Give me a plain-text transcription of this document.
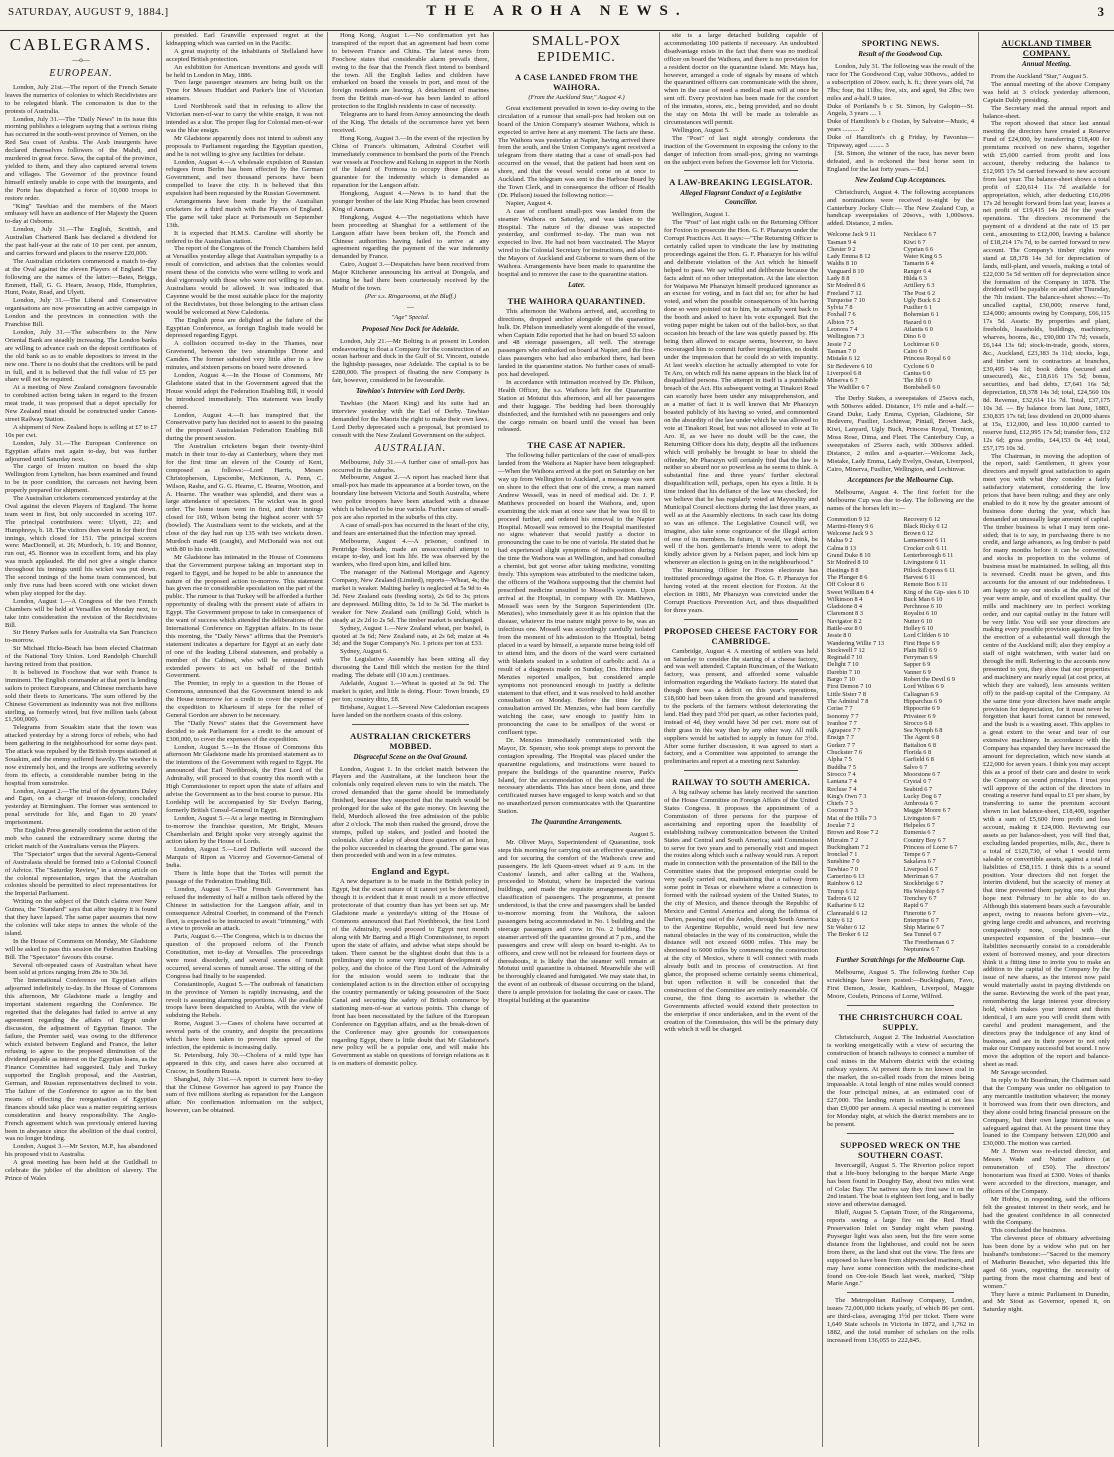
SATURDAY, AUGUST 9, 1884.]	THE AROHA NEWS.	3
CABLEGRAMS.
—o—
EUROPEAN.

London, July 21st.—The report of the French Senate leaves the numerics of colonies to which Recidivistes are to be relegated blank. The concession is due to the protests of Australia.

London, July 31.—The "Daily News" in its issue this morning publishes a telegram saying that a serious rising has occurred in the south-west province of Yemen, on the Red Sea coast of Arabia. The Arab insurgents have declared themselves followers of the Mahdi, and murdered in great force. Sava, the capital of the province, yielded to them, and they also captured several towns and villages. The Governor of the province found himself entirely unable to cope with the insurgents, and the Porte has dispatched a force of 10,000 troops to restore order.

"King" Tawhiao and the members of the Maori embassy will have an audience of Her Majesty the Queen to-day at Osborne.

London, July 31.—The English, Scottish, and Australian Chartered Bank has declared a dividend for the past half-year at the rate of 10 per cent. per annum, and carries forward and places to the reserve £20,000.

The Australian cricketers commenced a match to-day at the Oval against the eleven Players of England. The following are the names of the latter:—Bates, Briggs, Emmett, Hall, G. G. Hearn, Jessop, Hide, Humphries, Hunt, Peate, Read, and Ulyett.

London, July 31.—The Liberal and Conservative organisations are now prosecuting an active campaign in London and the provinces in connection with the Franchise Bill.

London, July 31.—The subscribers to the New Oriental Bank are steadily increasing. The London banks are willing to advance cash on the deposit certificates of the old bank so as to enable depositors to invest in the new one. There is no doubt that the creditors will be paid in full, and it is believed that the full value of £5 per share will not be required.

At a meeting of New Zealand consignors favourable to combined action being taken in regard to the frozen meat trade, it was proposed that a depot specially for New Zealand meat should be constructed under Canon-street Railway Station.

A shipment of New Zealand hops is selling at £7 to £7 10s per cwt.

London, July 31.—The European Conference on Egyptian affairs met again to-day, but was further adjourned until Saturday next.

The cargo of frozen mutton on board the ship Wellington from Lyttelton, has been examined and found to be in poor condition, the carcases not having been properly prepared for shipment.

The Australian cricketers commenced yesterday at the Oval against the eleven Players of England. The home team went in first, but only succeeded in scoring 107. The principal contributors were: Ulyett, 22; and Humphreys, b. 18. The visitors then went in for their first innings, which closed for 151. The principal scorers were: MacDonnell, st. 26; Murdoch, b. 19; and Bonnor, run out, 45. Bonnor was in excellent form, and his play was much applauded. He did not give a single chance throughout his innings until his wicket was put down. The second innings of the home team commenced, but only five runs had been scored with one wicket down when play stopped for the day.

London, August 1.—A Congress of the two French Chambers will be held at Versailles on Monday next, to take into consideration the revision of the Recidivistes Bill.

Sir Henry Parkes sails for Australia via San Francisco to-morrow.

Sir Michael Hicks-Beach has been elected Chairman of the National Tory Union. Lord Randolph Churchill having retired from that position.

It is believed in Foochow that war with France is imminent. The English commander at that port is lending sailors to protect Europeans, and Chinese merchants have sold their fleets to Americans. The sum offered by the Chinese Government as indemnity was not five millions sterling, as formerly wired, but five million taels (about £1,500,000).

Telegrams from Souakim state that the town was attacked yesterday by a strong force of rebels, who had been gathering in the neighbourhood for some days past. The attack was repulsed by the British troops stationed at Souakim, and the enemy suffered heavily. The weather is now extremely hot, and the troops are suffering severely from its effects, a considerable number being in the hospital from sunstroke.

London, August 2.—The trial of the dynamiters Daley and Egan, on a charge of treason-felony, concluded yesterday at Birmingham. The former was sentenced to penal servitude for life, and Egan to 20 years' imprisonment.

The English Press generally condemn the action of the mob who caused the extraordinary scene during the cricket match of the Australians versus the Players.

The "Spectator" urges that the several Agents-General of Australasia should be formed into a Colonial Council of Advice. The "Saturday Review," in a strong article on the colonial representation, urges that the Australian colonies should be permitted to elect representatives for the Imperial Parliament.

Writing on the subject of the Dutch claims over New Guinea, the "Standard" says that after inquiry it is found that they have lapsed. The same paper assumes that now the colonies will take steps to annex the whole of the island.

In the House of Commons on Monday, Mr Gladstone will be asked to pass this session the Federation Enabling Bill. The "Spectator" favours this course.

Several oft-repeated cases of Australian wheat have been sold at prices ranging from 28s to 30s 3d.

The International Conference on Egyptian affairs adjourned indefinitely to-day. In the House of Commons this afternoon, Mr Gladstone made a lengthy and important statement regarding the Conference. He regretted that the delegates had failed to arrive at any agreement regarding the affairs of Egypt under discussion, the adjustment of Egyptian finance. The failure, the Premier said, was owing to the difference which existed between England and France, the latter refusing to agree to the proposed diminution of the dividend payable as interest on the Egyptian loans, as the Finance Committee had suggested. Italy and Turkey supported the English proposal, and the Austrian, German, and Russian representatives declined to vote. The failure of the Conference to agree as to the best means of effecting the reorganisation of Egyptian finances should take place was a matter requiring serious consideration and heavy responsibility. The Anglo-French agreement which was previously entered having been in abeyance since the abolition of the dual control, was no longer binding.

London, August 3.—Mr Sexton, M.P., has abandoned his proposed visit to Australia.

A great meeting has been held at the Guildhall to celebrate the jubilee of the abolition of slavery. The Prince of Wales

presided. Earl Granville expressed regret at the kidnapping which was carried on in the Pacific.

A great majority of the inhabitants of Stellaland have accepted British protection.

An exhibition for American inventions and goods will be held in London in May, 1886.

Two large passenger steamers are being built on the Tyne for Messrs Huddart and Parker's line of Victorian steamers.

Lord Northbrook said that in refusing to allow the Victorian men-of-war to carry the white ensign, it was not intended as a slur. The proper flag for Colonial men-of-war was the blue ensign.

Mr Gladstone apparently does not intend to submit any proposals to Parliament regarding the Egyptian question, and he is not willing to give any facilities for debate.

London, August 4.—A wholesale expulsion of Russian refugees from Berlin has been effected by the German Government, and two thousand persons have been compelled to leave the city. It is believed that this expulsion had been requested by the Russian Government.

Arrangements have been made by the Australian cricketers for a third match with the Players of England. The game will take place at Portsmouth on September 13th.

It is expected that H.M.S. Caroline will shortly be ordered to the Australian station.

The report of the Congress of the French Chambers held at Versailles yesterday allege that Australian sympathy is a result of conviction, and advises that the colonies would resent these of the convicts who were willing to work and deal vigorously with those who were not willing to do so. Australians would be allowed. It was indicated that Cayenne would be the most suitable place for the majority of the Recidivistes, but those belonging to the artisan class would be welcomed at New Caledonia.

The English press are delighted at the failure of the Egyptian Conference, as foreign English trade would be depressed regarding Egypt.

A collision occurred to-day in the Thames, near Gravesend, between the two steamships Drone and Camden. The former subsided very little after in a few minutes, and sixteen persons on board were drowned.

London, August 4.—In the House of Commons, Mr Gladstone stated that in the Government agreed that the House would adopt the Federation Enabling Bill, it would be introduced immediately. This statement was loudly cheered.

London, August 4.—It has transpired that the Conservative party has decided not to assent to the passing of the proposed Australasian Federation Enabling Bill during the present session.

The Australian cricketers began their twenty-third match in their tour to-day at Canterbury, where they met for the first time an eleven of the County of Kent, composed as follows:—Lord Harris, Messrs Christopherson, Lipscombe, McKinnon, A. Penn, C. Wilson, Rashe, and G. G. Hearne, C. Hearne, Wootton, and A. Hearne. The weather was splendid, and there was a large attendance of spectators. The wicket was in good order. The home team went in first, and their innings closed for 169, Wilson being the highest scorer with 57 (bowled). The Australians went to the wickets, and at the close of the day had run up 135 with two wickets down. Murdoch made 48 (caught), and McDonald was not out with 80 to his credit.

Mr Gladstone has intimated in the House of Commons that the Government purpose taking an important step in regard to Egypt, and he hoped to be able to announce the nature of the proposed action to-morrow. This statement has given rise to considerable speculation on the part of the public. The rumour is that Turkey will be afforded a further opportunity of dealing with the present state of affairs in Egypt. The Government propose to take in consequence of the want of success which attended the deliberations of the International Conference on Egyptian affairs. In its issue this morning, the "Daily News" affirms that the Premier's statement indicates a departure for Egypt at an early date of one of the leading Liberal statesmen, and probably a member of the Cabinet, who will be entrusted with extended powers to act on behalf of the British Government.

The Premier, in reply to a question in the House of Commons, announced that the Government intend to ask the House tomorrow for a credit to cover the expense of the expedition to Khartoum if steps for the relief of General Gordon are shown to be necessary.

The "Daily News" states that the Government have decided to ask Parliament for a credit to the amount of £300,000, to cover the expenses of the expedition.

London, August 5.—In the House of Commons this afternoon Mr Gladstone made his promised statement as to the intentions of the Government with regard to Egypt. He announced that Earl Northbrook, the First Lord of the Admiralty, will proceed to that country this month with a High Commissioner to report upon the state of affairs and advise the Government as to the best course to pursue. His Lordship will be accompanied by Sir Evelyn Baring, formerly British Consul-General in Egypt.

London, August 5.—At a large meeting in Birmingham to-morrow the franchise question, Mr Bright, Messrs Chamberlain and Bright spoke very strongly against the action taken by the House of Lords.

London, August 5.—Lord Dufferin will succeed the Marquis of Ripon as Viceroy and Governor-General of India.

There is little hope that the Tories will permit the passage of the Federation Enabling Bill.

London, August 5.—The French Government has refused the indemnity of half a million taels offered by the Chinese in satisfaction for the Langson affair, and in consequence Admiral Courbet, in command of the French fleet, is expected to be instructed to await "trimming," with a view to provoke an attack.

Paris, August 6.—The Congress, which is to discuss the question of the proposed reform of the French Constitution, met to-day at Versailles. The proceedings were most disorderly, and several scenes of tumult occurred, several scenes of tumult arose. The sitting of the Congress had finally to be suspended.

Constantinople, August 5.—The outbreak of fanaticism in the province of Yemen is rapidly increasing, and the revolt is assuming alarming proportions. All the available troops have been despatched to Arabia, with the view of subduing the Rebels.

Rome, August 3.—Cases of cholera have occurred at several parts of the country, and despite the precautions which have been taken to prevent the spread of the infection, the epidemic is increasing daily.

St. Petersburg, July 30.—Cholera of a mild type has appeared in this city, and cases have also occurred at Cracow, in Southern Russia.

Shanghai, July 31st.—A report is current here to-day that the Chinese Governor has agreed to pay France the sum of five millions sterling as reparation for the Langson affair. No confirmation information on the subject, however, can be obtained.

Hong Kong, August 1.—No confirmation yet has transpired of the report that an agreement had been come to between France and China. The latest news from Foochow states that considerable alarm prevails there, owing to the fear that the French fleet intend to bombard the town. All the English ladies and children have embarked on board the vessels in port, and most of the foreign residents are leaving. A detachment of marines from the British man-of-war has been landed to afford protection to the English residents in case of necessity.

Telegrams are to hand from Amoy announcing the death of the King. The details of the occurrence have yet been received.

Hong Kong, August 3.—In the event of the rejection by China of France's ultimatum, Admiral Courbet will immediately commence to bombard the ports of the French war vessels at Foochow and Kelung in support in the North of the Island of Formosa to occupy those places as guarantee for the indemnity which is demanded as reparation for the Langson affair.

Hongkong, August 4.—News is to hand that the younger brother of the late King Phudac has been crowned King of Annam.

Hongkong, August 4.—The negotiations which have been proceeding at Shanghai for a settlement of the Langson affair have been broken off, the French and Chinese authorities having failed to arrive at any agreement regarding the payment of the war indemnity demanded by France.

Cairo, August 3.—Despatches have been received from Major Kitchener announcing his arrival at Dongola, and stating he had there been courteously received by the Mudir of the town.

(Per s.s. Ringarooma, at the Bluff.)
—
"Age" Special.
Proposed New Dock for Adelaide.

London, July 21.—Mr Bolting is at present in London endeavouring to float a Company for the construction of an ocean harbour and dock in the Gulf of St. Vincent, outside the lightship passages, near Adelaide. The capital is to be £280,000. The prospect of floating the new Company is fair, however, considered to be favourable.

Tawhiao's Interview with Lord Derby.

Tawhiao (the Maori King) and his suite had an interview yesterday with the Earl of Derby. Tawhiao demanded for the Maoris the right to make their own laws. Lord Derby deprecated such a proposal, but promised to consult with the New Zealand Government on the subject.

AUSTRALIAN.

Melbourne, July 31.—A further case of small-pox has occurred in the suburbs.

Melbourne, August 2.—A report has reached here that small-pox has made its appearance at a border town, on the boundary line between Victoria and South Australia, where two police troopers have been attacked with a disease which is believed to be true variola. Further cases of small-pox are also reported in the suburbs of this city.

A case of small-pox has occurred in the heart of the city, and fears are entertained that the infection may spread.

Melbourne, August 4.—A prisoner, confined in Pentridge Stockade, made an unsuccessful attempt to escape to-day, and lost his life. He was observed by the warders, who fired upon him, and killed him.

The manager of the National Mortgage and Agency Company, New Zealand (Limited), reports—Wheat, 4s; the market is weaker. Malting barley is neglected at 5s 9d to 4s 3d. New Zealand oats (feeding sorts), 2s 6d to 3s; prices are depressed. Milling ditto, 3s 1d to 3s 3d. The market is weaker for New Zealand oats (milling) Gold, which is steady at 2s 2d to 2s 5d. The timber market is unchanged.

Sydney, August 1.—New Zealand wheat, per bushel, is quoted at 3s 6d; New Zealand oats, at 2s 6d; maize at 4s 3d; and the Sugar Company's No. 1 prices per ton at £33.

Sydney, August 6.

The Legislative Assembly has been sitting all day discussing the Land Bill which the motion for the third reading. The debate still (10 a.m.) continues.

Adelaide, August 1.—Wheat is quoted at 3s 9d. The market is quiet, and little is doing. Flour: Town brands, £9 per ton; country ditto, £8.

Brisbane, August 1.—Several New Caledonian escapees have landed on the northern coasts of this colony.

AUSTRALIAN CRICKETERS MOBBED.
Disgraceful Scene on the Oval Ground.

London, August 1. In the cricket match between the Players and the Australians, at the luncheon hour the colonials only required eleven runs to win the match. The crowd demanded that the game should be immediately finished, because they suspected that the match would be prolonged for the sake of the gate money. On leaving the field, Murdoch allowed the free admission of the public after 2 o'clock. The mob then rushed the ground, drove the stumps, pulled up stakes, and jostled and hooted the colonials. After a delay of about three quarters of an hour, the police succeeded in clearing the ground. The game was then proceeded with and won in a few minutes.

England and Egypt.

A new departure is to be made in the British policy in Egypt, but the exact nature of it cannot yet be determined, though it is evident that it must result in a more effective protectorate of that country than has yet been set up. Mr Gladstone made a yesterday's sitting of the House of Commons announced that Earl Northbrook, the first Lord of the Admiralty, would proceed to Egypt next month along with Mr Baring and a High Commissioner, to report upon the state of affairs, and advise what steps should be taken. There cannot be the slightest doubt that this is a preliminary step to some very important development of policy, and the choice of the First Lord of the Admiralty for the mission would seem to indicate that the contemplated action is in the direction either of occupying the country permanently or taking possession of the Suez Canal and securing the safety of British commerce by stationing men-of-war at various points. This change of front has been necessitated by the failure of the European Conference on Egyptian affairs, and as the break-down of the Conference may give grounds for consequences regarding Egypt, there is little doubt that Mr Gladstone's new policy will be a popular one, and will make his Government as stable on questions of foreign relations as it is on matters of domestic policy.

SMALL-POX EPIDEMIC.
A CASE LANDED FROM THE WAIHORA.
(From the Auckland Star," August 4.)

Great excitement prevailed in town to-day owing to the circulation of a rumour that small-pox had broken out on board of the Union Company's steamer Waihora, which is expected to arrive here at any moment. The facts are these. The Waihora was yesterday at Napier, having arrived there from the south, and the Union Company's agent received a telegram from there stating that a case of small-pox had occurred on the vessel, that the patient had been sent on shore, and that the vessel would come on at once to Auckland. The telegram was sent to the Harbour Board by the Town Clerk, and in consequence the officer of Health (Dr. Philson) issued the following notice:—

Napier, August 4.

A case of confluent small-pox was landed from the steamer Waihora on Saturday, and was taken to the Hospital. The nature of the disease was suspected yesterday, and confirmed to-day. The man was not expected to live. He had not been vaccinated. The Mayor wired to the Colonial Secretary for instructions, and also to the Mayors of Auckland and Gisborne to warn them of the Waihora. Arrangements have been made to quarantine the hospital and to remove the case to the quarantine station.

Later.
THE WAIHORA QUARANTINED.

This afternoon the Waihora arrived, and, according to directions, dropped anchor alongside of the quarantine hulk. Dr. Philson immediately went alongside of the vessel, when Captain Edie reported that he had on board 53 saloon and 48 steerage passengers, all well. The steerage passengers who embarked on board at Napier, and the first-class passengers who had also embarked there, had been landed in the quarantine station. No further cases of small-pox had developed.

In accordance with intimation received by Dr. Philson, Health Officer, the s.s. Waihora left for the Quarantine Station at Motutui this afternoon, and all her passengers and their luggage. The bedding had been thoroughly disinfected, and the furnished with no passengers and only the cargo remain on board until the vessel has been released.

THE CASE AT NAPIER.

The following fuller particulars of the case of small-pox landed from the Waihora at Napier have been telegraphed:—When the Waihora arrived at the port on Saturday on her way up from Wellington to Auckland, a message was sent on shore to the effect that one of the crew, a man named Andrew Wessell, was in need of medical aid. Dr. J. P. Matthews proceeded on board the Waihora, and, upon examining the sick man at once saw that he was too ill to proceed further, and ordered his removal to the Napier Hospital. Mossell was removed to the Hospital manifested no signs whatever that would justify a doctor in pronouncing the case to be one of variola. He stated that he had experienced slight symptoms of indisposition during the time the Waihora was at Wellington, and had consulted a chemist, but got worse after taking medicine, vomiting freely. This symptom was attributed to the medicine taken, the officers of the Waihora supposing that the chemist had prescribed medicine unsuited to Mossell's system. Upon arrival at the Hospital, in company with Dr. Matthews, Mossell was seen by the Surgeon Superintendent (Dr. Menzies), who immediately gave it as his opinion that the disease, whatever its true nature might prove to be, was an infectious one. Mossell was accordingly carefully isolated from the moment of his admission to the Hospital, being placed in a ward by himself, a separate nurse being told off to attend him, and the doors of the ward were curtained with blankets soaked in a solution of carbolic acid. As a result of a diagnosis made on Sunday, Drs. Hitchins and Menzies reported smallpox, but considered ample symptoms not pronounced enough to justify a definite statement to that effect, and it was resolved to hold another consultation on Monday. Before the time for the consultation arrived Dr. Menzies, who had been carefully watching the case, saw enough to justify him in pronouncing the case to be smallpox of the worst or confluent type.

Dr. Menzies immediately communicated with the Mayor, Dr. Spencer, who took prompt steps to prevent the contagion spreading. The Hospital was placed under the quarantine regulations, and instructions were issued to prepare the buildings of the quarantine reserve, Park's Island, for the accommodation of the sick man and the necessary attendants. This has since been done, and three certificated nurses have engaged to keep watch and so that no unauthorized person communicates with the Quarantine Station.

The Quarantine Arrangements.

August 5.

Mr. Oliver Mays, Superintendent of Quarantine, took steps this morning for carrying out an effective quarantine, and for securing the comfort of the Waihora's crew and passengers. He left Queen-street wharf at 9 a.m. in the Customs' launch, and after calling at the Waihora, proceeded to Motutui, where he inspected the various buildings, and made the requisite arrangements for the classification of passengers. The programme, at present understood, is that the crew and passengers shall be landed to-morrow morning from the Waihora, the saloon passengers being accommodated in No. 1 building and the steerage passengers and crew in No. 2 building. The steamer arrived off the quarantine ground at 7 p.m., and the passengers and crew will sleep on board to-night. As to officers, and crew will not be released for fourteen days or thereabouts, it is likely that the steamer will remain at Motutui until quarantine is obtained. Meanwhile she will be thoroughly cleaned and fumigated. We may state that, in the event of an outbreak of disease occurring on the island, there is ample provision for isolating the case or cases. The Hospital building at the quarantine

site is a large detached building capable of accommodating 100 patients if necessary. An undoubted disadvantage exists in the fact that there was no medical officer on board the Waihora, and there is no provision for a resident doctor on the quarantine island. Mr. Mays has, however, arranged a code of signals by means of which the quarantined officers can communicate with the shore, when in the case of need a medical man will at once be sent off. Every provision has been made for the comfort of the inmates, stores, etc., being provided, and no doubt the stay on Mota Ihi will be made as tolerable as circumstances will permit.

Wellington, August 5.

The "Post" of last night strongly condemns the inaction of the Government in exposing the colony to the danger of infection from small-pox, giving no warnings on the subject even before the Governor left for Victoria.

A LAW-BREAKING LEGISLATOR.
Alleged Flagrant Conduct of a Legislative Councillor.

Wellington, August 1.

The "Post" of last night calls on the Returning Officer for Foxton to prosecute the Hon. G. F. Pharazyn under the Corrupt Practices Act. It says:—"The Returning Officer is certainly called upon to vindicate the law by instituting proceedings against the Hon. G. F. Pharazyn for his wilful and deliberate violation of the Act which he himself helped to pass. We say wilful and deliberate because the facts admit of no other interpretation. At the late election for Waipawa Mr Pharazyn himself produced ignorance as an excuse for voting, and in fact did so; for after he had voted, and when the possible consequences of his having done so were pointed out to him, he actually went back to the booth and asked to have his vote expunged. But the voting paper might be taken out of the ballot-box, so that occasion his breach of the law was quietly passed by. His being then allowed to escape seems, however, to have encouraged him to commit further irregularities, no doubt under the impression that he could do so with impunity. At last week's election he actually attempted to vote for Te Aro, on which roll his name appears in the black list of disqualified persons. The attempt in itself is a punishable breach of the Act. His subsequent voting at Tinakori Road can scarcely have been under any misapprehension, and as a matter of fact it is well known that Mr Pharazyn boasted publicly of his having so voted, and commented on the absurdity of the law under which he was allowed to vote at Tinakori Road, but was not allowed to vote at Te Aro. If, as we have no doubt will be the case, the Returning Officer does his duty, despite all the influences which will probably be brought to bear to shield the offender, Mr Pharazyn will certainly find that the law is neither so absurd nor so powerless as he seems to think. A substantial fine and three years' further electoral disqualification will, perhaps, open his eyes a little. It is time indeed that his defiance of the law was checked, for we believe that he has regularly voted at Mayorality and Municipal Council elections during the last three years, as well as at the Assembly elections. In each case his doing so was an offence. The Legislative Council will, we imagine, also take some cognizance of the illegal action of one of its members. In future, it would, we think, be well if the hon. gentleman's friends were to adopt the kindly advice given by a Nelson paper, and lock him up whenever an election is going on in the neighbourhood."

The Returning Officer for Foxton electorate has instituted proceedings against the Hon. G. F. Pharazyn for having voted at the recent election for Foxton. At the election in 1881, Mr Pharazyn was convicted under the Corrupt Practices Prevention Act, and thus disqualified for three years.

PROPOSED CHEESE FACTORY FOR CAMBRIDGE.

Cambridge, August 4. A meeting of settlers was held on Saturday to consider the starting of a cheese factory, and was well attended. Captain Runciman, of the Waikato factory, was present, and afforded some valuable information regarding the Waikato factory. He stated that though there was a deficit on this year's operations, £18,600 had been taken from the ground and transferred to the pockets of the farmers without deteriorating the land. Had they paid 3½d per quart, as other factories paid, instead of 4d, they would have 3d per cwt. more out of their grass in this way than by any other way. All milk suppliers would be satisfied to supply in future for 3½d. After some further discussion, it was agreed to start a factory, and a Committee was appointed to arrange the preliminaries and report at a meeting next Saturday.

RAILWAY TO SOUTH AMERICA.

A big railway scheme has lately received the sanction of the House Committee on Foreign Affairs of the United States Congress. It proposes the appointment of a Commission of three persons for the purpose of ascertaining and reporting upon the feasibility of establishing railway communication between the United States and Central and South America; said Commission to serve for two years and to personally visit and inspect the routes along which such a railway would run. A report made in connection with the presentation of the Bill to the Committee states that the proposed enterprise could be very easily carried out, maintaining that a railway from some point in Texas or elsewhere where a connection is formed with the railroad system of the United States, to the city of Mexico, and thence through the Republic of Mexico and Central America and along the Isthmus of Darien, passing east of the Andes, through South America to the Argentine Republic, would need but few new natural obstacles in the way of its construction, while the distance will not exceed 6000 miles. This may be shortened to 6000 miles by commencing the construction at the city of Mexico, where it will connect with roads already built and in process of construction. At first glance, the proposed scheme certainly seems chimerical, but upon reflection it will be conceded that the construction of the Committee are entirely reasonable. Of course, the first thing to ascertain is whether the Governments affected would extend their protection to the enterprise if once undertaken, and in the event of the creation of the Commission, this will be the primary duty with which it will be charged.

SPORTING NEWS.
Result of the Goodwood Cup.

London, July 31. The following was the result of the race for The Goodwood Cup, value 300sovs., added to a subscription of 20sov. each, h. ft.; three years old, 7st 7lbs; four, 8st 11lbs; five, six, and aged, 9st 2lbs; two miles and a-half. 9 tatee.

Duke of Portland's b c St. Simon, by Galopin—St. Angela, 3 years .... 1
Duke of Hamilton's b c Ossian, by Salvator—Music, 4 years .......... 2
Duke of Hamilton's ch g Friday, by Favonius—Tripaway, aged ......... 3

[St. Simon, the winner of the race, has never been defeated, and is reckoned the best horse seen in England for the last forty years.—Ed.]

New Zealand Cup Acceptances.

Christchurch, August 4. The following acceptances and nominations were received to-night by the Canterbury Jockey Club:— The New Zealand Cup, a handicap sweepstakes of 20sovs., with 1,000sovs. added. Distance, 2 miles.

Welcome Jack 9 11
Tasman 9 4
Chester 9 2
Lady Emma 8 12
Waldis 8 10
Vanguard 8 10
Lady 8 8
Sir Modred 8 6
Freeland 7 12
Turquoise 7 10
Sylvia 7 8
Foxhall 7 6
Albion 7 5
Leonora 7 4
Wellington 7 3
Jessie 7 2
Tasman 7 0
Mistake 6 12
Sir Bedevere 6 10
Liverpool 6 8
Minerva 6 7
The Wadiller 6 7
Necklace 6 7
Kiwi 6 7
Cyprian 6 6
Water King 6 5
Tamarin 6 4
Ranger 6 4
Hilda 6 3
Artillery 6 3
The Post 6 2
Ugly Buck 6 2
Fusilier 6 1
Bohemian 6 1
Hazard 6 0
Atlantis 6 0
Dino 6 0
Lochinvar 6 0
Cairo 6 0
Princess Royal 6 0
Cyclone 6 0
Cantus 6 0
The Jilt 6 0
Bombshell 6 0

The Derby Stakes, a sweepstakes of 25sovs each, with 500sovs added. Distance, 1½ mile and a-half.—Grand Duke, Lady Emma, Cyprian, Gladstone, Sir Bedevere, Fusilier, Lochinvar, Pintail, Brown Jack, Kiwi, Lanyard, Ugly Buck, Princess Royal, Trenton, Moss Rose, Dima, and Fleet. The Canterbury Cup, a sweepstakes of 25sovs each, with 300sovs added. Distance, 2 miles and a-quarter.—Welcome Jack, Mistake, Lady Emma, Lady Evelyn, Ossian, Liverpool, Cairo, Minerva, Fusilier, Wellington, and Lochinvar.

Acceptances for the Melbourne Cup.

Melbourne, August 4. The first forfeit for the Melbourne Cup was due to-day. The following are the names of the horses left in:—

Commotion 9 12
Martini-Henry 9 6
Welcome Jack 9 3
Malua 9 2
Calma 8 13
Grand Duke 8 10
Sir Modred 8 10
Hastings 8 8
The Plunger 8 6
Off Colour 8 6
Sweet William 8 4
Wilkinson 8 4
Gladstone 8 4
Claremont 8 3
Navigator 8 2
Battle-axe 8 0
Jessie 8 0
Wandering Willie 7 13
Stockwell 7 12
Reginald 7 10
Delight 7 10
Darebin 7 10
Bargo 7 10
First Demon 7 10
Little Sister 7 8
The Admiral 7 8
Cerise 7 7
Isonomy 7 7
Ivanhoe 7 7
Agrapace 7 7
Ensign 7 7
Gudarz 7 7
Chuckster 7 6
Alpha 7 5
Buddha 7 5
Sirocco 7 4
Lantana 7 4
Recluse 7 4
King's Own 7 3
Chiefs 7 3
Coconut 7 3
Mat of the Hills 7 3
Jocular 7 2
Brown and Rose 7 2
Mizraim 7 2
Buckingham 7 2
Ironclad 7 1
Sunshine 7 0
Tawhiao 7 0
Camerino 6 13
Rainbow 6 12
Trump 6 12
Tadrora 6 12
Katharine 6 12
Clanranald 6 12
Kitty 6 12
Sir Walter 6 12
The Broker 6 12
Recovery 6 12
Black Ricky 6 12
Brown 6 12
Lamsemoor 6 11
Crocker colt 6 11
Lenterborough 6 11
Livingstone 6 11
Pitlock Express 6 11
Harvest 6 11
Remote Boo 6 11
King of the Gip- sies 6 10
Buck Man 6 10
Perchnose 6 10
Royalist 6 10
Nutter 6 10
Holley 6 10
Lord Clifden 6 10
First Hope 6 9
Plain Bill 6 9
Ferryman 6 9
Sapper 6 9
Vanner 6 9
Robert the Devil 6 9
Lord Wilton 6 9
Caliagnan 6 9
Hipparchus 6 9
Hippocrite 6 9
Privateer 6 9
Sirocco 6 8
Sea Nymph 6 8
The Agent 6 8
Battalion 6 8
Florida 6 8
Garfield 6 8
Salvo 6 7
Moorstone 6 7
Crystal 6 7
Seabird 6 7
Lucky Dog 6 7
Ambrosia 6 7
Maggie Moore 6 7
Livingston 6 7
Helpeles 6 7
Eumenia 6 7
Country Boy 6 7
Princess of Lorne 6 7
Tempe 6 7
Sakalava 6 7
Liverpool 6 7
Merriman 6 7
Stockbridge 6 7
His Worship 6 7
Trenchey 6 7
Rapid 6 7
Finerotte 6 7
Enterprise 6 7
Ship Marine 6 7
Sea Tunnel 6 7
The Freetheman 6 7
Neptunina 6 7
Further Scratchings for the Melbourne Cup.

Melbourne, August 5. The following further Cup scratchings have been posted:—Buckingham, Favo, First Demon, Jessie, Kathleen, Liverpool, Maggie Moore, Coulets, Princess of Lorne, Wilfred.

THE CHRISTCHURCH COAL SUPPLY.

Christchurch, August 2. The Industrial Association is working energetically with a view of securing the construction of branch railways to connect a number of coal mines in the Malvern district with the existing railway system. At present there is no known coal in the market, the so-called roads from the mines being impassable. A total length of nine miles would connect the four principal mines, at an estimated cost of £27,000. The landing return is estimated at not less than £9,000 per annum. A special meeting is convened for Monday night, at which the district members are to be present.

SUPPOSED WRECK ON THE SOUTHERN COAST.

Invercargill, August 5. The Riverton police report that a life-buoy belonging to the barque Marie Ange has been found in Doughty Bay, about two miles west of Colac Bay. The natives say they first saw it on the 2nd instant. The boat is eighteen feet long, and is badly stove and otherwise damaged.

Bluff, August 5. Captain Tozer, of the Ringarooma, reports seeing a large fire on the Red Head Preservation Inlet on Sunday night when passing. Puysegur light was also seen, but the fire were some distance from the lighthouse, and could not be seen from there, as the land shut out the view. The fires are supposed to have been from shipwrecked mariners, and may have some connection with the medicine-chest found on Ore-tole Beach last week, marked, "Ship Marie Ange."

The Metropolitan Railway Company, London, issues 72,000,000 tickets yearly, of which 86 per cent. are third-class, averaging 1½d per ticket. There were 1,649 State schools in Victoria in 1872, and 1,762 in 1882, and the total number of scholars on the rolls increased from 136,055 to 222,845.

AUCKLAND TIMBER COMPANY.
Annual Meeting.

From the Auckland "Star," August 5.

The annual meeting of the above Company was held at 3 o'clock yesterday afternoon, Captain Daldy presiding.

The Secretary read the annual report and balance-sheet.

The report showed that since last annual meeting the directors have created a Reserve Fund of £24,000, by transferring £18,400 for premiums received on new shares, together with £5,600 carried from profit and loss account, thereby reducing the balance to £12,995 17s 5d carried forward to new account from last year. The balance-sheet shows a total profit of £20,614 11s 7d available for appropriation, which, after deducting £16,096 17s 2d brought forward from last year, leaves a net profit of £19,415 14s 2d for the year's operations. The directors recommend the payment of a dividend at the rate of 15 per cent., amounting to £12,000, leaving a balance of £18,214 17s 7d, to be carried forward to new account. The Company's timber rights now stand at £8,378 14s 3d for depreciation of lands, mill-plant, and vessels, making a total of £22,030 5s 5d written off for depreciation since the formation of the Company in 1878. The dividend will be payable on and after Thursday, the 7th instant. The balance-sheet shows:—To uncalled capital, £30,000; reserve fund, £24,000; amounts owing by Company, £66,115 17s 5d. Assets: By properties and plant, freeholds, leaseholds, buildings, machinery, wharves, booms, &c., £90,000 17s 7d; vessels, £6,144 13s 6d; stock-in-trade, goods, stores, &c., Auckland, £23,383 3s 11d; stocks, logs, and timber sent to contractors at branches, £39,495 14s 1d; book debts (secured and unsecured), &c., £18,616 17s 5d; bonus, securities, and bad debts, £7,641 16s 5d; depreciation, £8,378 14s 3d; total, £24,560 10s 8d. Revenue, £32,614 11s 7d. Total, £37,175 10s 3d. — By balance from last June, 1883, £30,835 17s 6d; less dividend on 20,000 shares at 15s, £12,000, and less 10,000 carried to reserve fund, £12,995 17s 5d; transfer fees, £12 12s 6d; gross profits, £44,153 0s 4d; total, £57,175 10s 3d.

The Chairman, in moving the adoption of the report, said: Gentlemen, it gives your directors and myself great satisfaction to again meet you with what they consider a fairly satisfactory statement, considering the low prices that have been ruling; and they are only enabled to do it now by the greater amount of business done during the year, which has demanded an unusually large amount of capital. The timber business is what I may term one-sided; that is to say, in purchasing there is no credit, and large advances, as log timber is paid for many months before it can be converted, and stocks in proportion to the volume of business must be maintained. In selling, all this is reversed. Credit must be given, and this accounts for the amount of our indebtedness. I am happy to say our stocks at the end of the year were ample, and of excellent quality. Our mills and machinery are in perfect working order, and our capital outlay in the future will be very little. You will see your directors are making every possible provision against fire by the erection of a substantial wall through the centre of the Auckland mill; also they employ a staff of night watchmen, with water laid on through the mill. Referring to the accounts now presented to you, they show that our properties and machinery are nearly equal (at cost price, at which they are valued), less amounts written off) to the paid-up capital of the Company. At the same time your directors have made ample provision for depreciation, for it must never be forgotten that kauri forest cannot be renewed, and the bush is a wasting asset. This applies to a great extent to the wear and tear of our extensive machinery. In accordance with the Company has expanded they have increased the amount for depreciation, which now stands at £22,000 for seven years. I think you may accept this as a proof of their care and desire to work the Company on sound principles. I trust you will approve of the action of the directors in creating a reserve fund equal to £1 per share, by transferring to same the premium account shown in last balance-sheet, £18,400, together with a sum of £5,600 from profit and loss account, making it £24,000. Reviewing our assets as per balance-sheet, you will find that, excluding landed properties, mills, &c., there is a total of £120,730, of what I would term saleable or convertible assets, against a total of liabilities of £58,115. I think this is a sound position. Your directors did not forget the interim dividend, but the scarcity of money at that time prevented them paying one, but they hope next February to be able to do so. Although this statement bears such a favourable aspect, owing to reasons before given—viz., giving large credit and advances, and receiving comparatively none, coupled with the unexpected expansion of the business—our liabilities necessarily consist to a considerable extent of borrowed money, and your directors think it a fitting time to invite you to make an addition to the capital of the Company by the issue of new shares, as the interest now paid would materially assist in paying dividends on the same. Reviewing the work of the past year, remembering the large interest your directory hold, which makes your interest and theirs identical, I am sure you will credit them with careful and prudent management, and the directors pray the indulgence of any kind of business, and are in their power to not only make our Company successful but sound. I now move the adoption of the report and balance-sheet as read.

Mr Savage seconded.

In reply to Mr Boardman, the Chairman said that the Company was under no obligation to any mercantile institution whatever; the money it borrowed was from their own directors, and they alone could bring financial pressure on the Company, but their own large interest was a safeguard against that. At the present time they loaned to the Company between £20,000 and £30,000. The motion was carried.

Mr J. Brown was re-elected director, and Messrs Wade and Nutter auditors (at remuneration of £50). The directors' honorarium was fixed at £300. Votes of thanks were accorded to the directors, manager, and officers of the Company.

Mr Hobbs, in responding, said the officers felt the greatest interest in their work, and he had the greatest confidence in all connected with the Company.

This concluded the business.

The cleverest piece of obituary advertising has been done by a widow who put on her husband's tombstone:—"Sacred to the memory of Mathurin Beauchet, who departed this life aged 68 years, regretting the necessity of parting from the most charming and best of women."

They have a mimic Parliament in Dunedin, and Mr Stout as Governor, opened it, on Saturday night.
